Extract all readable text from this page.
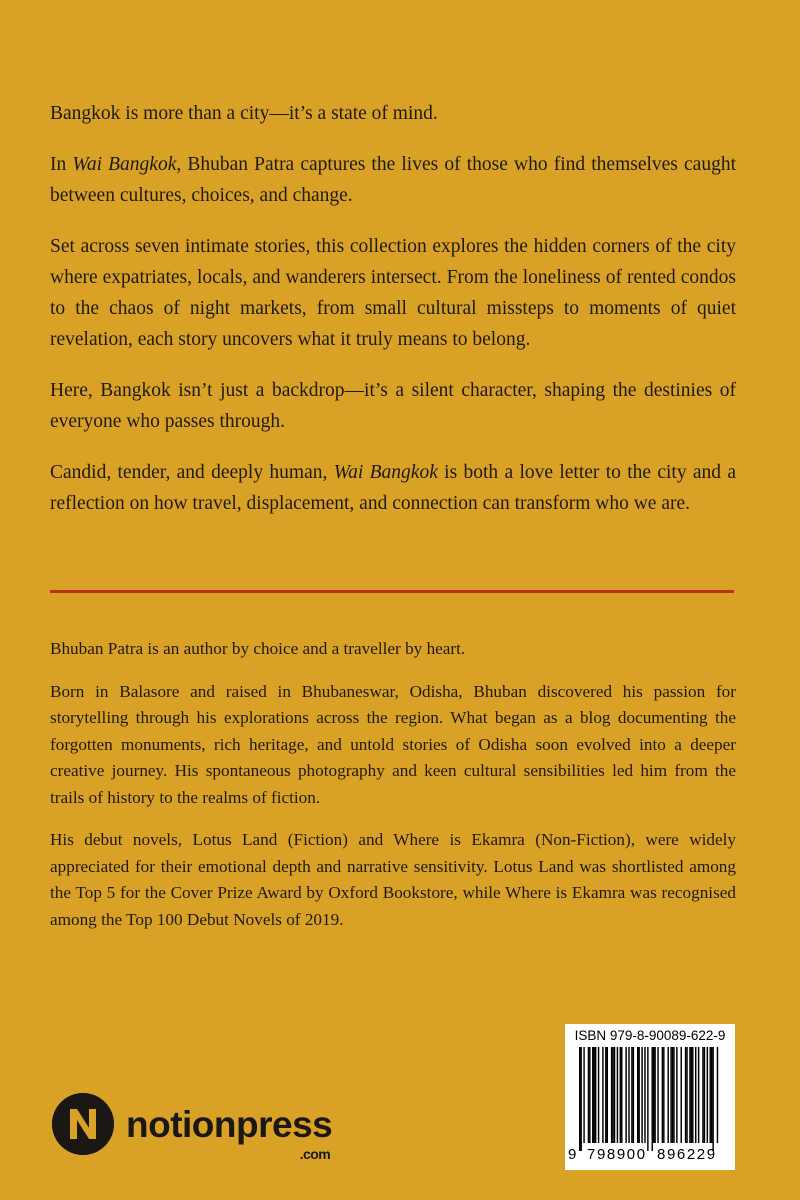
Bangkok is more than a city—it’s a state of mind.

In Wai Bangkok, Bhuban Patra captures the lives of those who find themselves caught between cultures, choices, and change.

Set across seven intimate stories, this collection explores the hidden corners of the city where expatriates, locals, and wanderers intersect. From the loneliness of rented condos to the chaos of night markets, from small cultural missteps to moments of quiet revelation, each story uncovers what it truly means to belong.

Here, Bangkok isn’t just a backdrop—it’s a silent character, shaping the destinies of everyone who passes through.

Candid, tender, and deeply human, Wai Bangkok is both a love letter to the city and a reflection on how travel, displacement, and connection can transform who we are.

Bhuban Patra is an author by choice and a traveller by heart.

Born in Balasore and raised in Bhubaneswar, Odisha, Bhuban discovered his passion for storytelling through his explorations across the region. What began as a blog documenting the forgotten monuments, rich heritage, and untold stories of Odisha soon evolved into a deeper creative journey. His spontaneous photography and keen cultural sensibilities led him from the trails of history to the realms of fiction.

His debut novels, Lotus Land (Fiction) and Where is Ekamra (Non-Fiction), were widely appreciated for their emotional depth and narrative sensitivity. Lotus Land was shortlisted among the Top 5 for the Cover Prize Award by Oxford Bookstore, while Where is Ekamra was recognised among the Top 100 Debut Novels of 2019.

notionpress
.com
ISBN 979-8-90089-622-9
9 798900 896229
